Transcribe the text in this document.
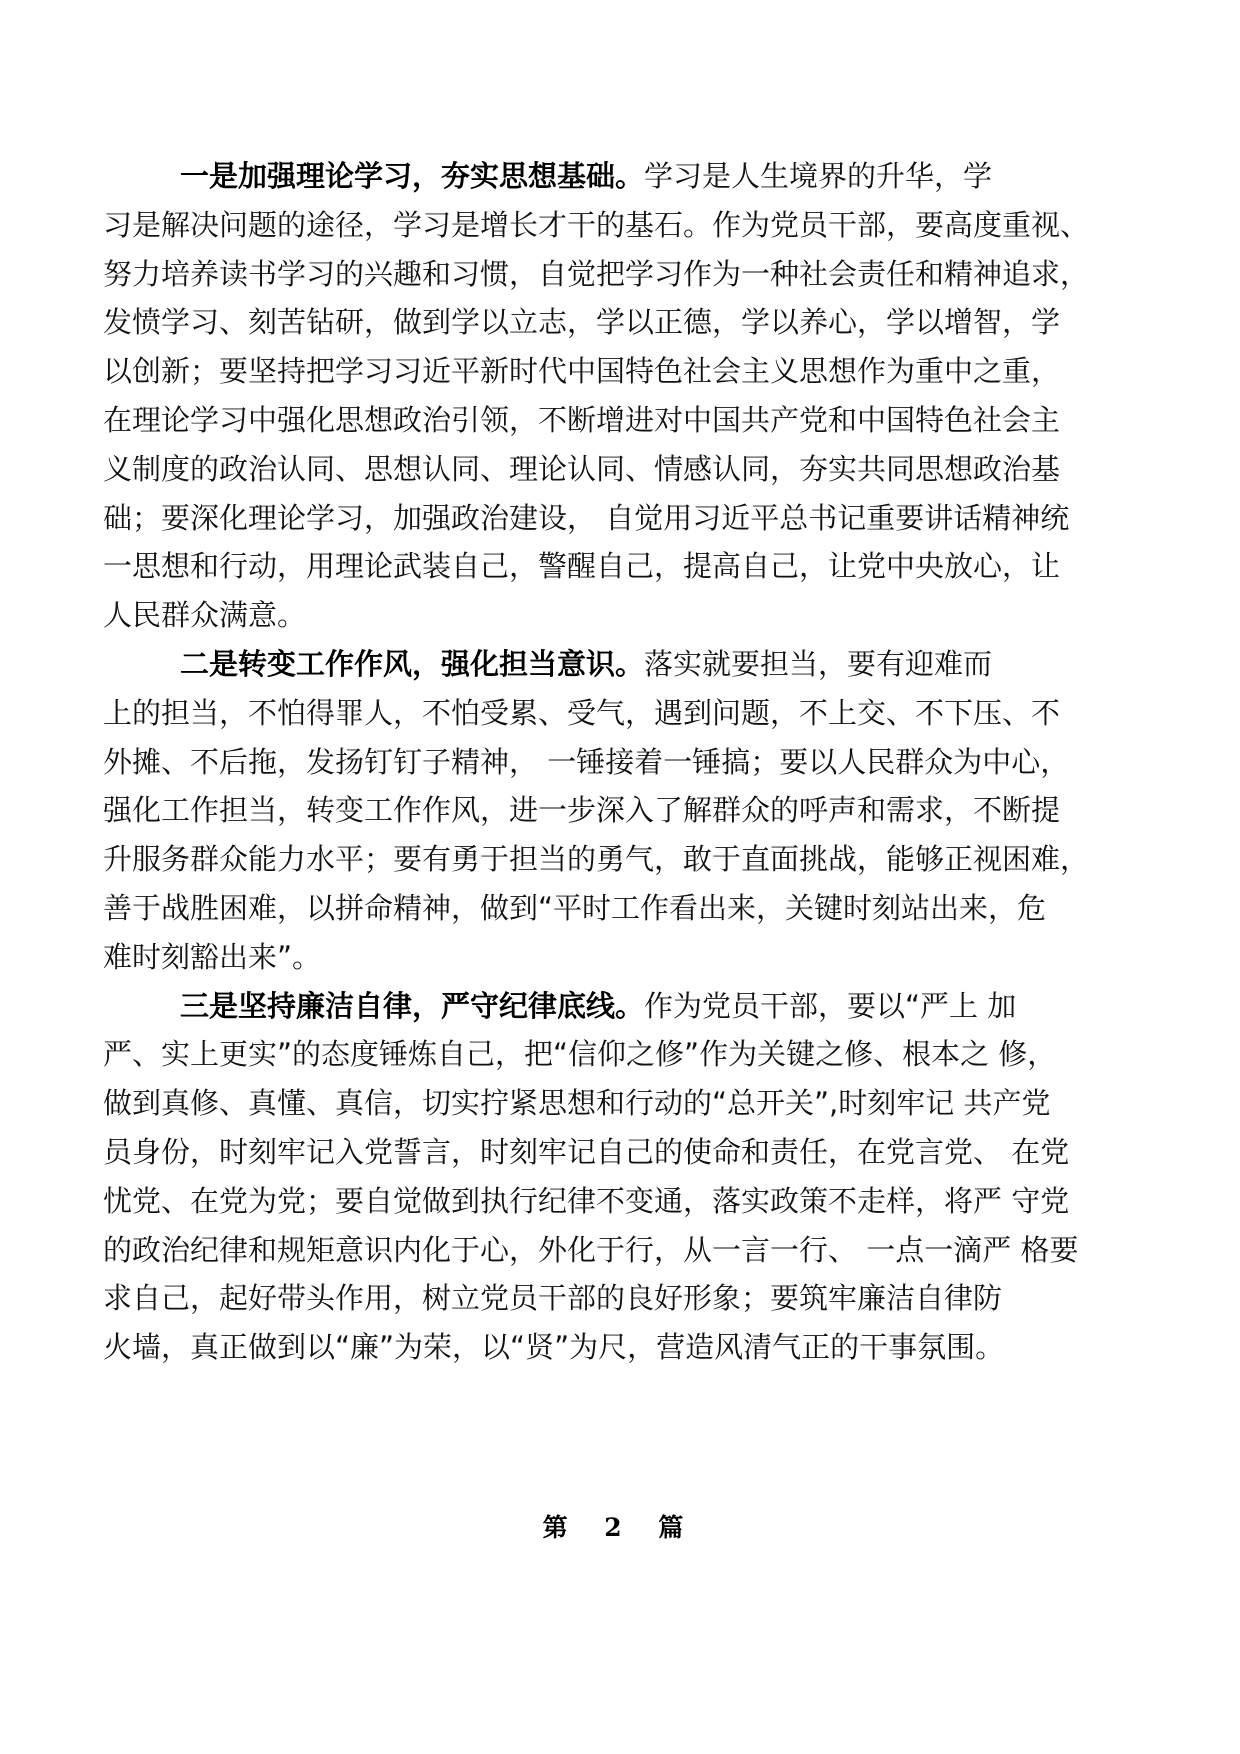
一是加强理论学习，夯实思想基础。学习是人生境界的升华，学
习是解决问题的途径，学习是增长才干的基石。作为党员干部，要高度重视、
努力培养读书学习的兴趣和习惯，自觉把学习作为一种社会责任和精神追求，
发愤学习、刻苦钻研，做到学以立志，学以正德，学以养心，学以增智，学
以创新；要坚持把学习习近平新时代中国特色社会主义思想作为重中之重，
在理论学习中强化思想政治引领，不断增进对中国共产党和中国特色社会主
义制度的政治认同、思想认同、理论认同、情感认同，夯实共同思想政治基
础；要深化理论学习，加强政治建设， 自觉用习近平总书记重要讲话精神统
一思想和行动，用理论武装自己，警醒自己，提高自己，让党中央放心，让
人民群众满意。
二是转变工作作风，强化担当意识。落实就要担当，要有迎难而
上的担当，不怕得罪人，不怕受累、受气，遇到问题，不上交、不下压、不
外摊、不后拖，发扬钉钉子精神， 一锤接着一锤搞；要以人民群众为中心，
强化工作担当，转变工作作风，进一步深入了解群众的呼声和需求，不断提
升服务群众能力水平；要有勇于担当的勇气，敢于直面挑战，能够正视困难，
善于战胜困难，以拼命精神，做到“平时工作看出来，关键时刻站出来，危
难时刻豁出来”。
三是坚持廉洁自律，严守纪律底线。作为党员干部，要以“严上 加
严、实上更实”的态度锤炼自己，把“信仰之修”作为关键之修、根本之 修，
做到真修、真懂、真信，切实拧紧思想和行动的“总开关”,时刻牢记 共产党
员身份，时刻牢记入党誓言，时刻牢记自己的使命和责任，在党言党、 在党
忧党、在党为党；要自觉做到执行纪律不变通，落实政策不走样，将严 守党
的政治纪律和规矩意识内化于心，外化于行，从一言一行、 一点一滴严 格要
求自己，起好带头作用，树立党员干部的良好形象；要筑牢廉洁自律防
火墙，真正做到以“廉”为荣，以“贤”为尺，营造风清气正的干事氛围。
第 2 篇
